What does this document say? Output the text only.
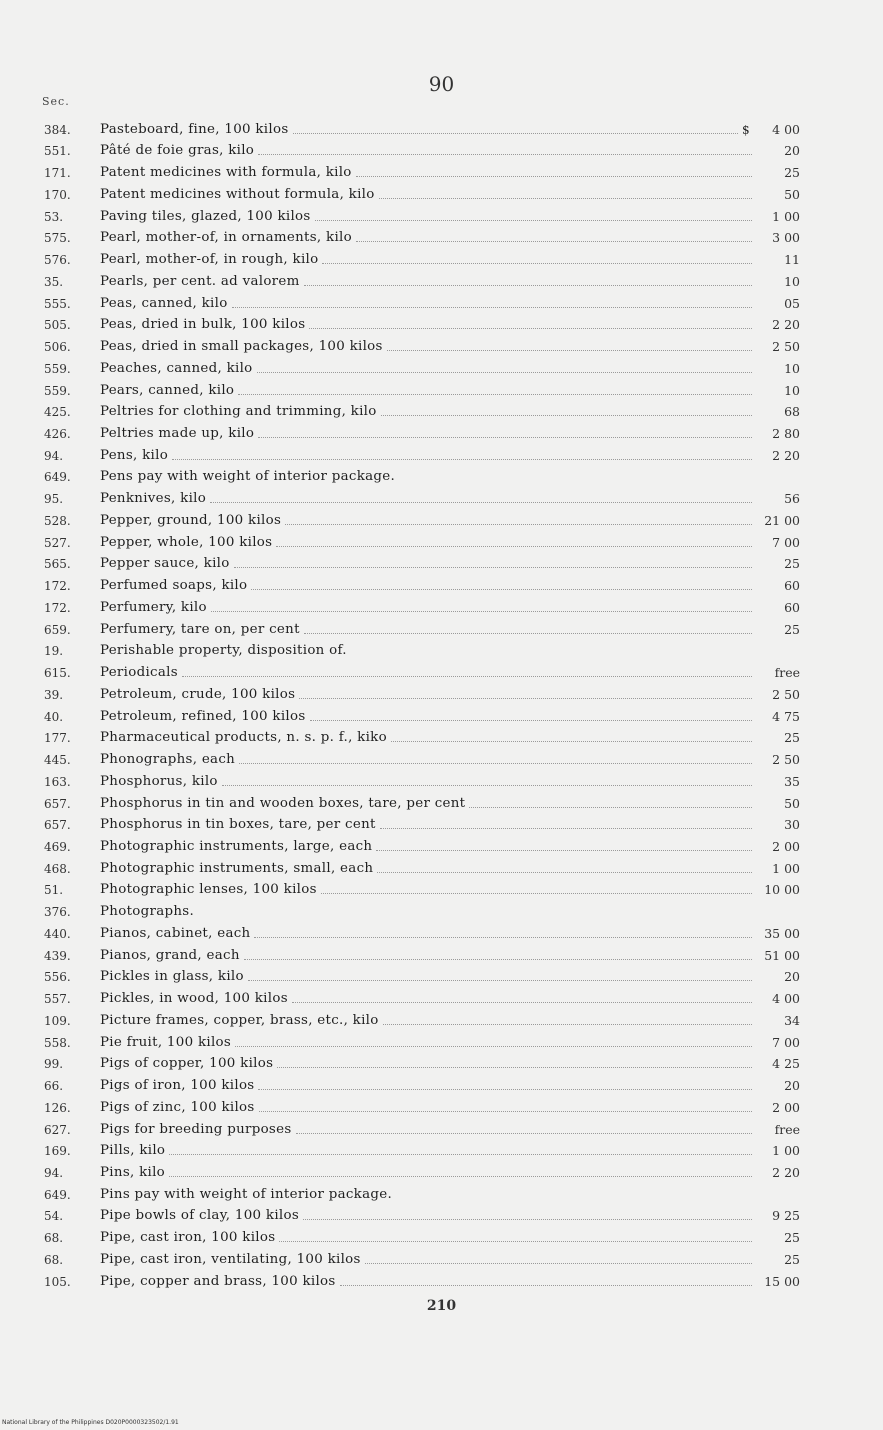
90
Sec.
384.	Pasteboard, fine, 100 kilos	$	4 00
551.	Pâté de foie gras, kilo	20
171.	Patent medicines with formula, kilo	25
170.	Patent medicines without formula, kilo	50
53.	Paving tiles, glazed, 100 kilos	1 00
575.	Pearl, mother-of, in ornaments, kilo	3 00
576.	Pearl, mother-of, in rough, kilo	11
35.	Pearls, per cent. ad valorem	10
555.	Peas, canned, kilo	05
505.	Peas, dried in bulk, 100 kilos	2 20
506.	Peas, dried in small packages, 100 kilos	2 50
559.	Peaches, canned, kilo	10
559.	Pears, canned, kilo	10
425.	Peltries for clothing and trimming, kilo	68
426.	Peltries made up, kilo	2 80
94.	Pens, kilo	2 20
649.	Pens pay with weight of interior package.
95.	Penknives, kilo	56
528.	Pepper, ground, 100 kilos	21 00
527.	Pepper, whole, 100 kilos	7 00
565.	Pepper sauce, kilo	25
172.	Perfumed soaps, kilo	60
172.	Perfumery, kilo	60
659.	Perfumery, tare on, per cent	25
19.	Perishable property, disposition of.
615.	Periodicals	free
39.	Petroleum, crude, 100 kilos	2 50
40.	Petroleum, refined, 100 kilos	4 75
177.	Pharmaceutical products, n. s. p. f., kiko	25
445.	Phonographs, each	2 50
163.	Phosphorus, kilo	35
657.	Phosphorus in tin and wooden boxes, tare, per cent	50
657.	Phosphorus in tin boxes, tare, per cent	30
469.	Photographic instruments, large, each	2 00
468.	Photographic instruments, small, each	1 00
51.	Photographic lenses, 100 kilos	10 00
376.	Photographs.
440.	Pianos, cabinet, each	35 00
439.	Pianos, grand, each	51 00
556.	Pickles in glass, kilo	20
557.	Pickles, in wood, 100 kilos	4 00
109.	Picture frames, copper, brass, etc., kilo	34
558.	Pie fruit, 100 kilos	7 00
99.	Pigs of copper, 100 kilos	4 25
66.	Pigs of iron, 100 kilos	20
126.	Pigs of zinc, 100 kilos	2 00
627.	Pigs for breeding purposes	free
169.	Pills, kilo	1 00
94.	Pins, kilo	2 20
649.	Pins pay with weight of interior package.
54.	Pipe bowls of clay, 100 kilos	9 25
68.	Pipe, cast iron, 100 kilos	25
68.	Pipe, cast iron, ventilating, 100 kilos	25
105.	Pipe, copper and brass, 100 kilos	15 00
210
National Library of the Philippines D020P0000323502/1.91
